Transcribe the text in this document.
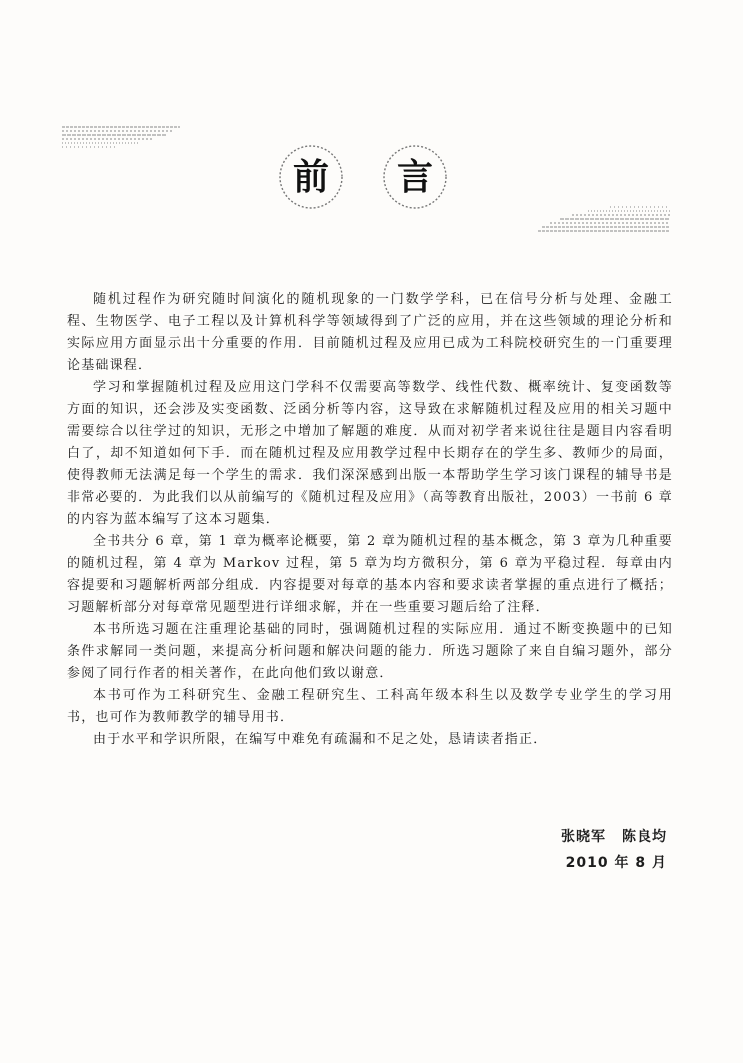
前	言

随机过程作为研究随时间演化的随机现象的一门数学学科，已在信号分析与处理、金融工程、生物医学、电子工程以及计算机科学等领域得到了广泛的应用，并在这些领域的理论分析和实际应用方面显示出十分重要的作用．目前随机过程及应用已成为工科院校研究生的一门重要理论基础课程．

学习和掌握随机过程及应用这门学科不仅需要高等数学、线性代数、概率统计、复变函数等方面的知识，还会涉及实变函数、泛函分析等内容，这导致在求解随机过程及应用的相关习题中需要综合以往学过的知识，无形之中增加了解题的难度．从而对初学者来说往往是题目内容看明白了，却不知道如何下手．而在随机过程及应用教学过程中长期存在的学生多、教师少的局面，使得教师无法满足每一个学生的需求．我们深深感到出版一本帮助学生学习该门课程的辅导书是非常必要的．为此我们以从前编写的《随机过程及应用》（高等教育出版社，2003）一书前 6 章的内容为蓝本编写了这本习题集．

全书共分 6 章，第 1 章为概率论概要，第 2 章为随机过程的基本概念，第 3 章为几种重要的随机过程，第 4 章为 Markov 过程，第 5 章为均方微积分，第 6 章为平稳过程．每章由内容提要和习题解析两部分组成．内容提要对每章的基本内容和要求读者掌握的重点进行了概括；习题解析部分对每章常见题型进行详细求解，并在一些重要习题后给了注释．

本书所选习题在注重理论基础的同时，强调随机过程的实际应用．通过不断变换题中的已知条件求解同一类问题，来提高分析问题和解决问题的能力．所选习题除了来自自编习题外，部分参阅了同行作者的相关著作，在此向他们致以谢意．

本书可作为工科研究生、金融工程研究生、工科高年级本科生以及数学专业学生的学习用书，也可作为教师教学的辅导用书．

由于水平和学识所限，在编写中难免有疏漏和不足之处，恳请读者指正．

张晓军 陈良均
2010 年 8 月
